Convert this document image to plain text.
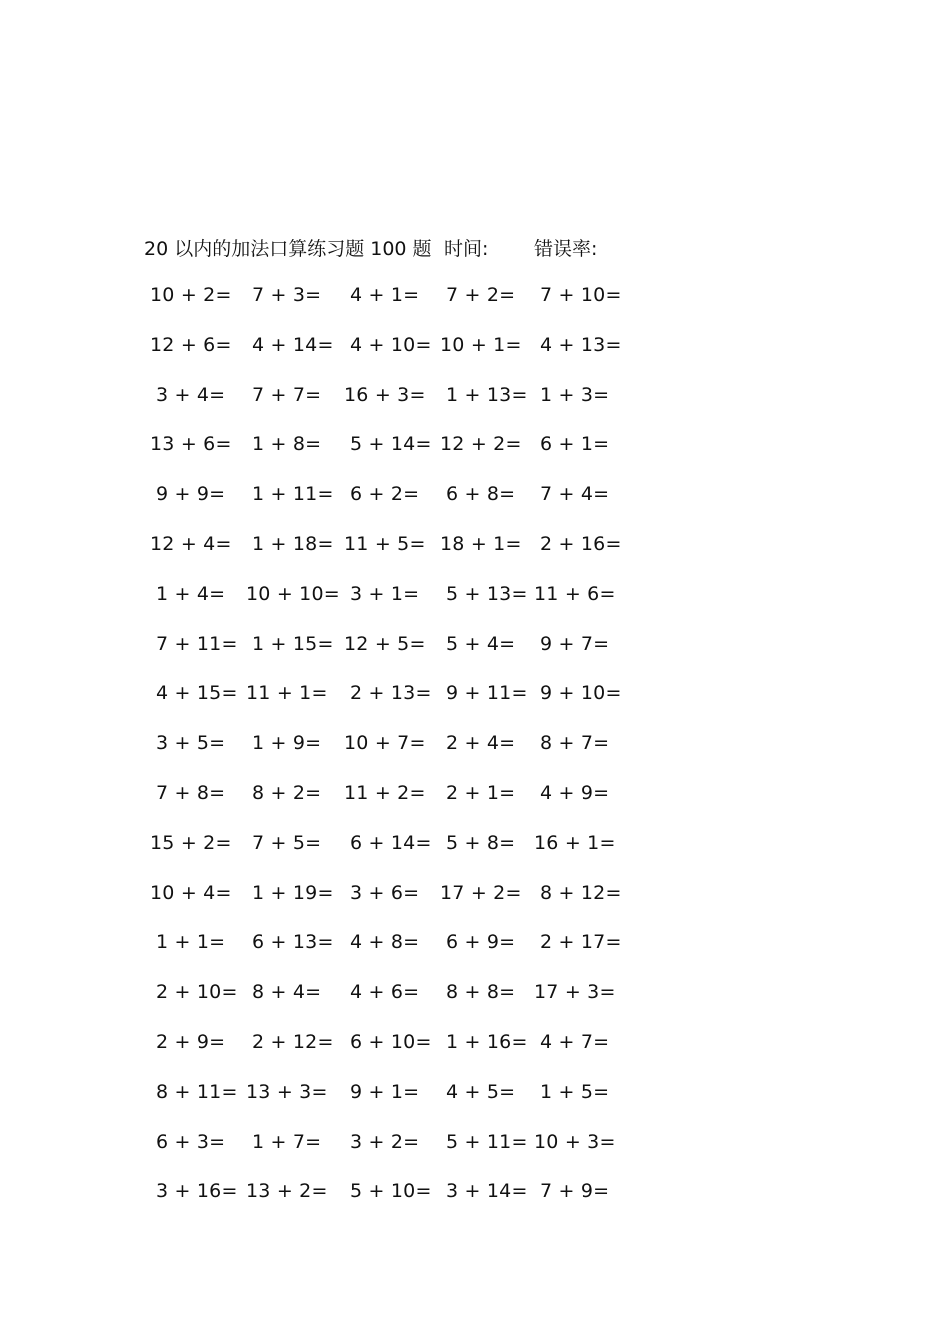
20 以内的加法口算练习题 100 题 时间: 错误率:
10 + 2= 7 + 3= 4 + 1= 7 + 2= 7 + 10=
12 + 6= 4 + 14= 4 + 10= 10 + 1= 4 + 13=
3 + 4= 7 + 7= 16 + 3= 1 + 13= 1 + 3=
13 + 6= 1 + 8= 5 + 14= 12 + 2= 6 + 1=
9 + 9= 1 + 11= 6 + 2= 6 + 8= 7 + 4=
12 + 4= 1 + 18= 11 + 5= 18 + 1= 2 + 16=
1 + 4= 10 + 10= 3 + 1= 5 + 13= 11 + 6=
7 + 11= 1 + 15= 12 + 5= 5 + 4= 9 + 7=
4 + 15= 11 + 1= 2 + 13= 9 + 11= 9 + 10=
3 + 5= 1 + 9= 10 + 7= 2 + 4= 8 + 7=
7 + 8= 8 + 2= 11 + 2= 2 + 1= 4 + 9=
15 + 2= 7 + 5= 6 + 14= 5 + 8= 16 + 1=
10 + 4= 1 + 19= 3 + 6= 17 + 2= 8 + 12=
1 + 1= 6 + 13= 4 + 8= 6 + 9= 2 + 17=
2 + 10= 8 + 4= 4 + 6= 8 + 8= 17 + 3=
2 + 9= 2 + 12= 6 + 10= 1 + 16= 4 + 7=
8 + 11= 13 + 3= 9 + 1= 4 + 5= 1 + 5=
6 + 3= 1 + 7= 3 + 2= 5 + 11= 10 + 3=
3 + 16= 13 + 2= 5 + 10= 3 + 14= 7 + 9=
